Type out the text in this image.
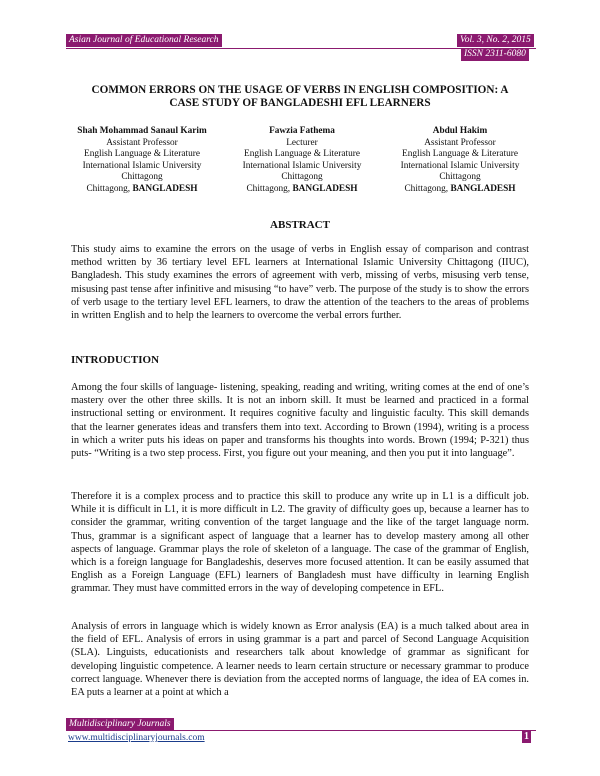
Asian Journal of Educational Research	Vol. 3, No. 2, 2015
ISSN 2311-6080
COMMON ERRORS ON THE USAGE OF VERBS IN ENGLISH COMPOSITION: A
CASE STUDY OF BANGLADESHI EFL LEARNERS
Shah Mohammad Sanaul Karim
Assistant Professor
English Language & Literature
International Islamic University
Chittagong
Chittagong, BANGLADESH
Fawzia Fathema
Lecturer
English Language & Literature
International Islamic University
Chittagong
Chittagong, BANGLADESH
Abdul Hakim
Assistant Professor
English Language & Literature
International Islamic University
Chittagong
Chittagong, BANGLADESH
ABSTRACT

This study aims to examine the errors on the usage of verbs in English essay of comparison and contrast method written by 36 tertiary level EFL learners at International Islamic University Chittagong (IIUC), Bangladesh. This study examines the errors of agreement with verb, missing of verbs, misusing verb tense, misusing past tense after infinitive and misusing “to have” verb. The purpose of the study is to show the errors of verb usage to the tertiary level EFL learners, to draw the attention of the teachers to the areas of problems in written English and to help the learners to overcome the verbal errors further.

INTRODUCTION

Among the four skills of language- listening, speaking, reading and writing, writing comes at the end of one’s mastery over the other three skills. It is not an inborn skill. It must be learned and practiced in a formal instructional setting or environment. It requires cognitive faculty and linguistic faculty. This skill demands that the learner generates ideas and transfers them into text. According to Brown (1994), writing is a process in which a writer puts his ideas on paper and transforms his thoughts into words. Brown (1994; P-321) thus puts- “Writing is a two step process. First, you figure out your meaning, and then you put it into language”.

Therefore it is a complex process and to practice this skill to produce any write up in L1 is a difficult job. While it is difficult in L1, it is more difficult in L2. The gravity of difficulty goes up, because a learner has to consider the grammar, writing convention of the target language and the like of the target language norm. Thus, grammar is a significant aspect of language that a learner has to develop mastery among all other aspects of language. Grammar plays the role of skeleton of a language. The case of the grammar of English, which is a foreign language for Bangladeshis, deserves more focused attention. It can be easily assumed that English as a Foreign Language (EFL) learners of Bangladesh must have difficulty in learning English grammar. They must have committed errors in the way of developing competence in EFL.

Analysis of errors in language which is widely known as Error analysis (EA) is a much talked about area in the field of EFL. Analysis of errors in using grammar is a part and parcel of Second Language Acquisition (SLA). Linguists, educationists and researchers talk about knowledge of grammar as significant for developing linguistic competence. A learner needs to learn certain structure or necessary grammar to produce correct language. Whenever there is deviation from the accepted norms of language, the idea of EA comes in. EA puts a learner at a point at which a

Multidisciplinary Journals
www.multidisciplinaryjournals.com	1
